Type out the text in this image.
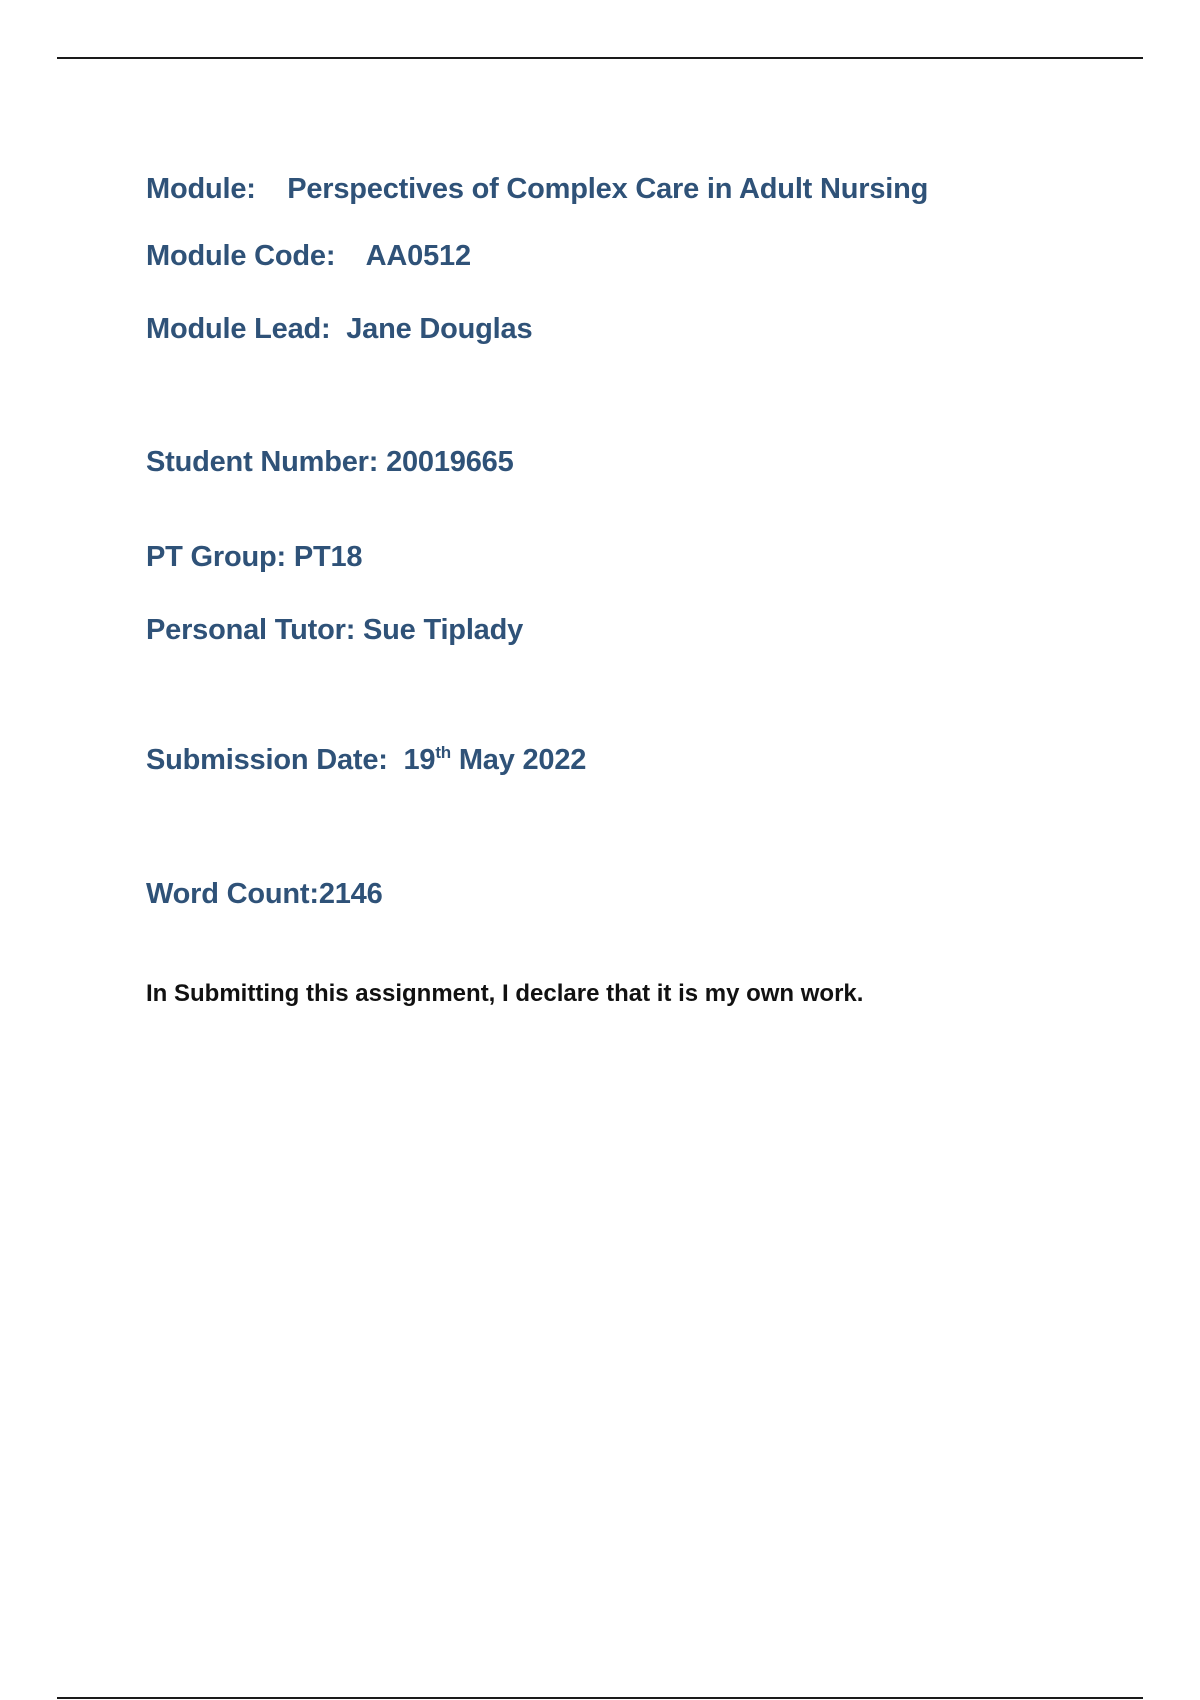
Module: Perspectives of Complex Care in Adult Nursing

Module Code: AA0512

Module Lead: Jane Douglas

Student Number: 20019665

PT Group: PT18

Personal Tutor: Sue Tiplady

Submission Date: 19th May 2022

Word Count:2146

In Submitting this assignment, I declare that it is my own work.
